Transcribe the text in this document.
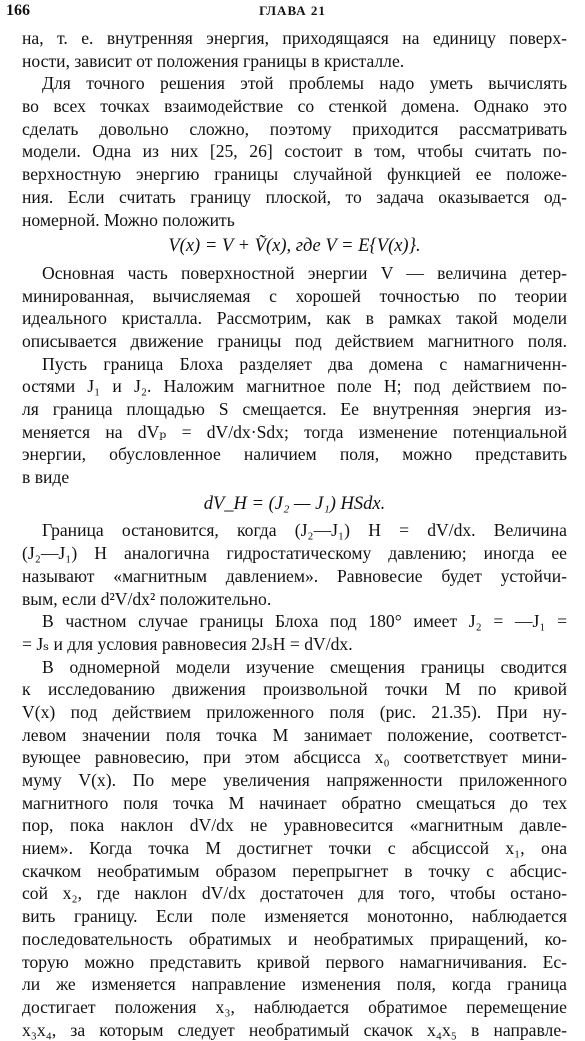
166	ГЛАВА 21
на, т. е. внутренняя энергия, приходящаяся на единицу поверх-
ности, зависит от положения границы в кристалле.
Для точного решения этой проблемы надо уметь вычислять
во всех точках взаимодействие со стенкой домена. Однако это
сделать довольно сложно, поэтому приходится рассматривать
модели. Одна из них [25, 26] состоит в том, чтобы считать по-
верхностную энергию границы случайной функцией ее положе-
ния. Если считать границу плоской, то задача оказывается од-
номерной. Можно положить
V(x) = V + Ṽ(x), где V = E{V(x)}.
Основная часть поверхностной энергии V — величина детер-
минированная, вычисляемая с хорошей точностью по теории
идеального кристалла. Рассмотрим, как в рамках такой модели
описывается движение границы под действием магнитного поля.
Пусть граница Блоха разделяет два домена с намагниченн-
остями J₁ и J₂. Наложим магнитное поле H; под действием по-
ля граница площадью S смещается. Ее внутренняя энергия из-
меняется на dVₚ = dV/dx·Sdx; тогда изменение потенциальной
энергии, обусловленное наличием поля, можно представить
в виде
dV_H = (J₂ — J₁) HSdx.
Граница остановится, когда (J₂—J₁) H = dV/dx. Величина
(J₂—J₁) H аналогична гидростатическому давлению; иногда ее
называют «магнитным давлением». Равновесие будет устойчи-
вым, если d²V/dx² положительно.
В частном случае границы Блоха под 180° имеет J₂ = —J₁ =
= Jₛ и для условия равновесия 2JₛH = dV/dx.
В одномерной модели изучение смещения границы сводится
к исследованию движения произвольной точки M по кривой
V(x) под действием приложенного поля (рис. 21.35). При ну-
левом значении поля точка M занимает положение, соответст-
вующее равновесию, при этом абсцисса x₀ соответствует мини-
муму V(x). По мере увеличения напряженности приложенного
магнитного поля точка M начинает обратно смещаться до тех
пор, пока наклон dV/dx не уравновесится «магнитным давле-
нием». Когда точка M достигнет точки с абсциссой x₁, она
скачком необратимым образом перепрыгнет в точку с абсцис-
сой x₂, где наклон dV/dx достаточен для того, чтобы остано-
вить границу. Если поле изменяется монотонно, наблюдается
последовательность обратимых и необратимых приращений, ко-
торую можно представить кривой первого намагничивания. Ес-
ли же изменяется направление изменения поля, когда граница
достигает положения x₃, наблюдается обратимое перемещение
x₃x₄, за которым следует необратимый скачок x₄x₅ в направле-
